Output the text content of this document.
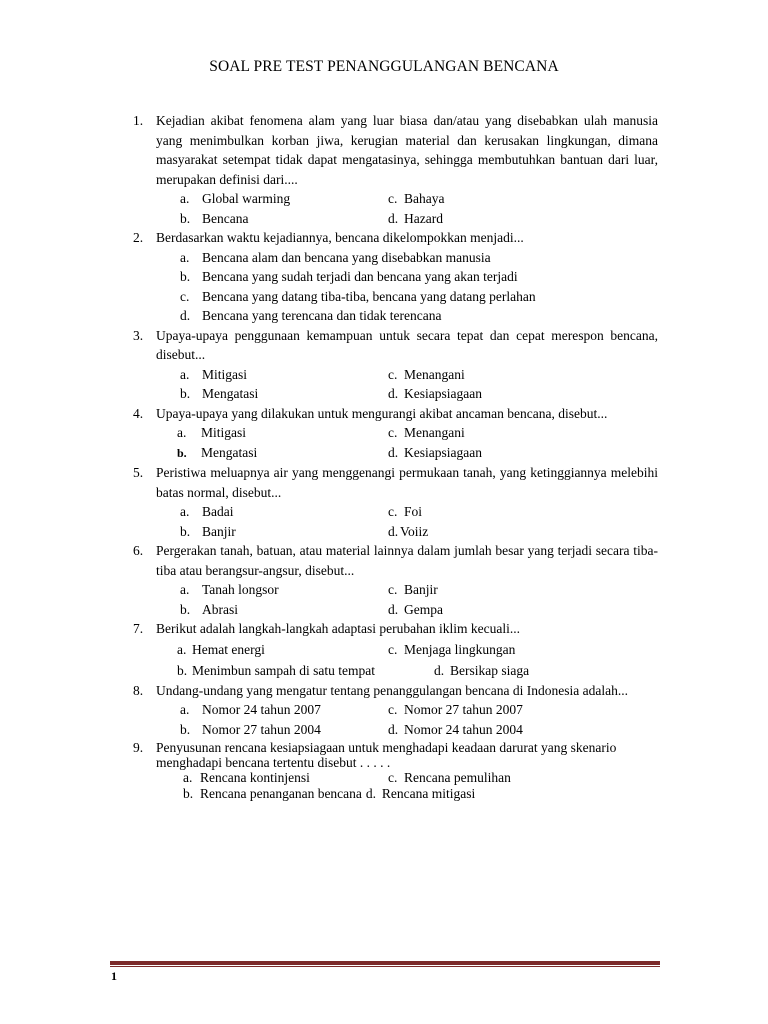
SOAL PRE TEST PENANGGULANGAN BENCANA
1. Kejadian akibat fenomena alam yang luar biasa dan/atau yang disebabkan ulah manusia yang menimbulkan korban jiwa, kerugian material dan kerusakan lingkungan, dimana masyarakat setempat tidak dapat mengatasinya, sehingga membutuhkan bantuan dari luar, merupakan definisi dari....
a. Global warming	c. Bahaya
b. Bencana	d. Hazard
2. Berdasarkan waktu kejadiannya, bencana dikelompokkan menjadi...
a. Bencana alam dan bencana yang disebabkan manusia
b. Bencana yang sudah terjadi dan bencana yang akan terjadi
c. Bencana yang datang tiba-tiba, bencana yang datang perlahan
d. Bencana yang terencana dan tidak terencana
3. Upaya-upaya penggunaan kemampuan untuk secara tepat dan cepat merespon bencana, disebut...
a. Mitigasi	c. Menangani
b. Mengatasi	d. Kesiapsiagaan
4. Upaya-upaya yang dilakukan untuk mengurangi akibat ancaman bencana, disebut...
a. Mitigasi	c. Menangani
b. Mengatasi	d. Kesiapsiagaan
5. Peristiwa meluapnya air yang menggenangi permukaan tanah, yang ketinggiannya melebihi batas normal, disebut...
a. Badai	c. Foi
b. Banjir	d. Voiiz
6. Pergerakan tanah, batuan, atau material lainnya dalam jumlah besar yang terjadi secara tiba-tiba atau berangsur-angsur, disebut...
a. Tanah longsor	c. Banjir
b. Abrasi	d. Gempa
7. Berikut adalah langkah-langkah adaptasi perubahan iklim kecuali...
a. Hemat energi	c. Menjaga lingkungan
b. Menimbun sampah di satu tempat	d. Bersikap siaga
8. Undang-undang yang mengatur tentang penanggulangan bencana di Indonesia adalah...
a. Nomor 24 tahun 2007	c. Nomor 27 tahun 2007
b. Nomor 27 tahun 2004	d. Nomor 24 tahun 2004
9. Penyusunan rencana kesiapsiagaan untuk menghadapi keadaan darurat yang skenario menghadapi bencana tertentu disebut . . . . .
a. Rencana kontinjensi	c. Rencana pemulihan
b. Rencana penanganan bencana d. Rencana mitigasi
1
